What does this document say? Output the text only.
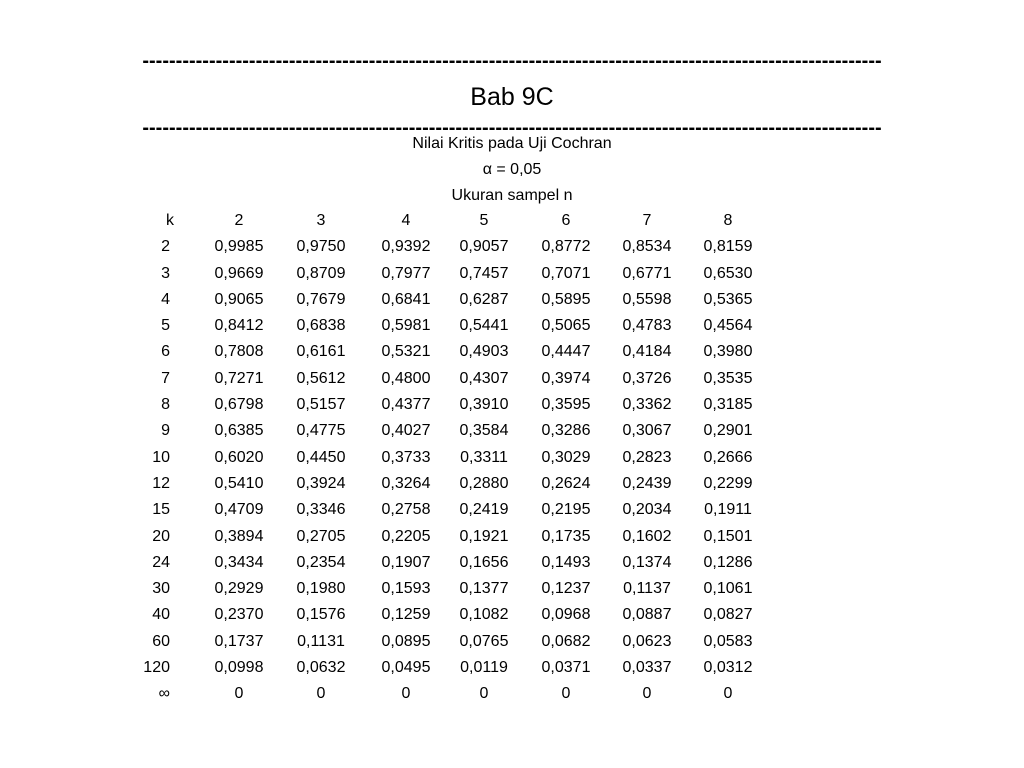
---------------------------------------------------------------------------------------------------------------
Bab 9C
---------------------------------------------------------------------------------------------------------------
Nilai Kritis pada Uji Cochran
α = 0,05
Ukuran sampel n
k	2	3	4	5	6	7	8
2	0,9985	0,9750	0,9392	0,9057	0,8772	0,8534	0,8159
3	0,9669	0,8709	0,7977	0,7457	0,7071	0,6771	0,6530
4	0,9065	0,7679	0,6841	0,6287	0,5895	0,5598	0,5365
5	0,8412	0,6838	0,5981	0,5441	0,5065	0,4783	0,4564
6	0,7808	0,6161	0,5321	0,4903	0,4447	0,4184	0,3980
7	0,7271	0,5612	0,4800	0,4307	0,3974	0,3726	0,3535
8	0,6798	0,5157	0,4377	0,3910	0,3595	0,3362	0,3185
9	0,6385	0,4775	0,4027	0,3584	0,3286	0,3067	0,2901
10	0,6020	0,4450	0,3733	0,3311	0,3029	0,2823	0,2666
12	0,5410	0,3924	0,3264	0,2880	0,2624	0,2439	0,2299
15	0,4709	0,3346	0,2758	0,2419	0,2195	0,2034	0,1911
20	0,3894	0,2705	0,2205	0,1921	0,1735	0,1602	0,1501
24	0,3434	0,2354	0,1907	0,1656	0,1493	0,1374	0,1286
30	0,2929	0,1980	0,1593	0,1377	0,1237	0,1137	0,1061
40	0,2370	0,1576	0,1259	0,1082	0,0968	0,0887	0,0827
60	0,1737	0,1131	0,0895	0,0765	0,0682	0,0623	0,0583
120	0,0998	0,0632	0,0495	0,0119	0,0371	0,0337	0,0312
∞	0	0	0	0	0	0	0
